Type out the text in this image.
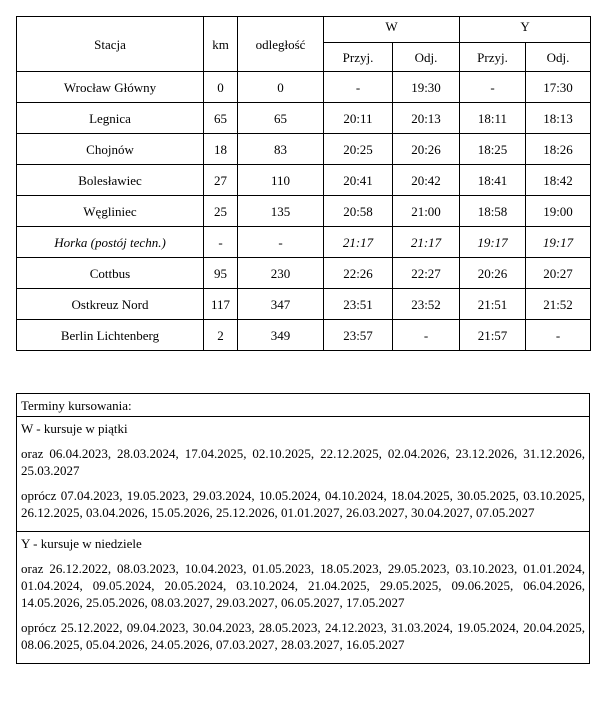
Stacja	km	odległość	W		Y	
			Przyj.	Odj.	Przyj.	Odj.
Wrocław Główny	0	0	-	19:30	-	17:30
Legnica	65	65	20:11	20:13	18:11	18:13
Chojnów	18	83	20:25	20:26	18:25	18:26
Bolesławiec	27	110	20:41	20:42	18:41	18:42
Węgliniec	25	135	20:58	21:00	18:58	19:00
Horka (postój techn.)	-	-	21:17	21:17	19:17	19:17
Cottbus	95	230	22:26	22:27	20:26	20:27
Ostkreuz Nord	117	347	23:51	23:52	21:51	21:52
Berlin Lichtenberg	2	349	23:57	-	21:57	-

Terminy kursowania:

W - kursuje w piątki

oraz 06.04.2023, 28.03.2024, 17.04.2025, 02.10.2025, 22.12.2025, 02.04.2026, 23.12.2026, 31.12.2026, 25.03.2027

oprócz 07.04.2023, 19.05.2023, 29.03.2024, 10.05.2024, 04.10.2024, 18.04.2025, 30.05.2025, 03.10.2025, 26.12.2025, 03.04.2026, 15.05.2026, 25.12.2026, 01.01.2027, 26.03.2027, 30.04.2027, 07.05.2027

Y - kursuje w niedziele

oraz 26.12.2022, 08.03.2023, 10.04.2023, 01.05.2023, 18.05.2023, 29.05.2023, 03.10.2023, 01.01.2024, 01.04.2024, 09.05.2024, 20.05.2024, 03.10.2024, 21.04.2025, 29.05.2025, 09.06.2025, 06.04.2026, 14.05.2026, 25.05.2026, 08.03.2027, 29.03.2027, 06.05.2027, 17.05.2027

oprócz 25.12.2022, 09.04.2023, 30.04.2023, 28.05.2023, 24.12.2023, 31.03.2024, 19.05.2024, 20.04.2025, 08.06.2025, 05.04.2026, 24.05.2026, 07.03.2027, 28.03.2027, 16.05.2027
